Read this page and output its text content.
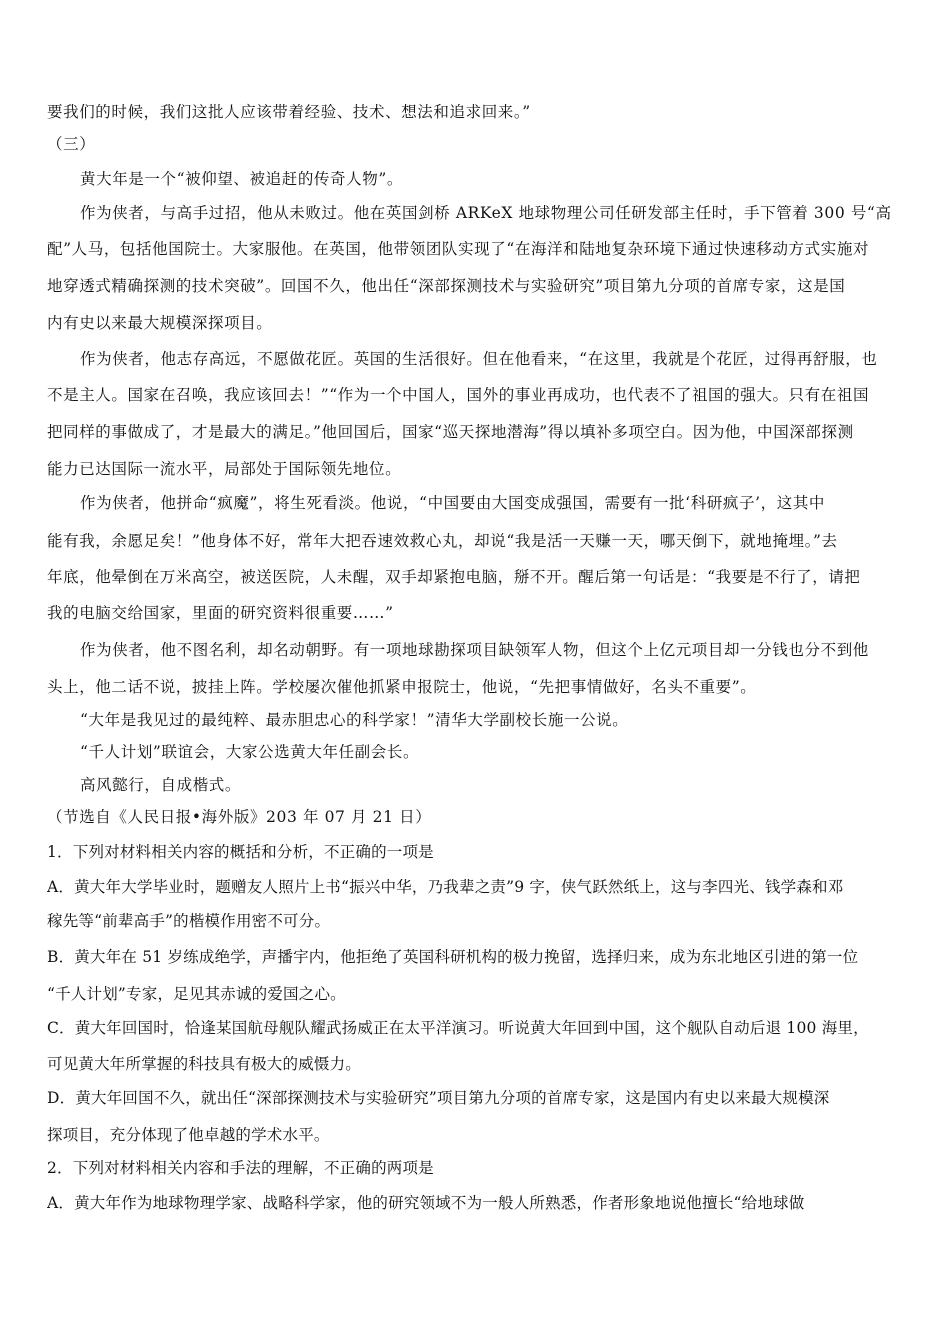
要我们的时候，我们这批人应该带着经验、技术、想法和追求回来。”
（三）
黄大年是一个“被仰望、被追赶的传奇人物”。
作为侠者，与高手过招，他从未败过。他在英国剑桥 ARKeX 地球物理公司任研发部主任时，手下管着 300 号“高
配”人马，包括他国院士。大家服他。在英国，他带领团队实现了“在海洋和陆地复杂环境下通过快速移动方式实施对
地穿透式精确探测的技术突破”。回国不久，他出任“深部探测技术与实验研究”项目第九分项的首席专家，这是国
内有史以来最大规模深探项目。
作为侠者，他志存高远，不愿做花匠。英国的生活很好。但在他看来，“在这里，我就是个花匠，过得再舒服，也
不是主人。国家在召唤，我应该回去！”“作为一个中国人，国外的事业再成功，也代表不了祖国的强大。只有在祖国
把同样的事做成了，才是最大的满足。”他回国后，国家“巡天探地潜海”得以填补多项空白。因为他，中国深部探测
能力已达国际一流水平，局部处于国际领先地位。
作为侠者，他拼命“疯魔”，将生死看淡。他说，“中国要由大国变成强国，需要有一批‘科研疯子’，这其中
能有我，余愿足矣！”他身体不好，常年大把吞速效救心丸，却说“我是活一天赚一天，哪天倒下，就地掩埋。”去
年底，他晕倒在万米高空，被送医院，人未醒，双手却紧抱电脑，掰不开。醒后第一句话是：“我要是不行了，请把
我的电脑交给国家，里面的研究资料很重要……”
作为侠者，他不图名利，却名动朝野。有一项地球勘探项目缺领军人物，但这个上亿元项目却一分钱也分不到他
头上，他二话不说，披挂上阵。学校屡次催他抓紧申报院士，他说，“先把事情做好，名头不重要”。
“大年是我见过的最纯粹、最赤胆忠心的科学家！”清华大学副校长施一公说。
“千人计划”联谊会，大家公选黄大年任副会长。
高风懿行，自成楷式。
（节选自《人民日报•海外版》203 年 07 月 21 日）
1．下列对材料相关内容的概括和分析，不正确的一项是
A．黄大年大学毕业时，题赠友人照片上书“振兴中华，乃我辈之责”9 字，侠气跃然纸上，这与李四光、钱学森和邓
稼先等“前辈高手”的楷模作用密不可分。
B．黄大年在 51 岁练成绝学，声播宇内，他拒绝了英国科研机构的极力挽留，选择归来，成为东北地区引进的第一位
“千人计划”专家，足见其赤诚的爱国之心。
C．黄大年回国时，恰逢某国航母舰队耀武扬威正在太平洋演习。听说黄大年回到中国，这个舰队自动后退 100 海里，
可见黄大年所掌握的科技具有极大的威慑力。
D．黄大年回国不久，就出任“深部探测技术与实验研究”项目第九分项的首席专家，这是国内有史以来最大规模深
探项目，充分体现了他卓越的学术水平。
2．下列对材料相关内容和手法的理解，不正确的两项是
A．黄大年作为地球物理学家、战略科学家，他的研究领域不为一般人所熟悉，作者形象地说他擅长“给地球做
